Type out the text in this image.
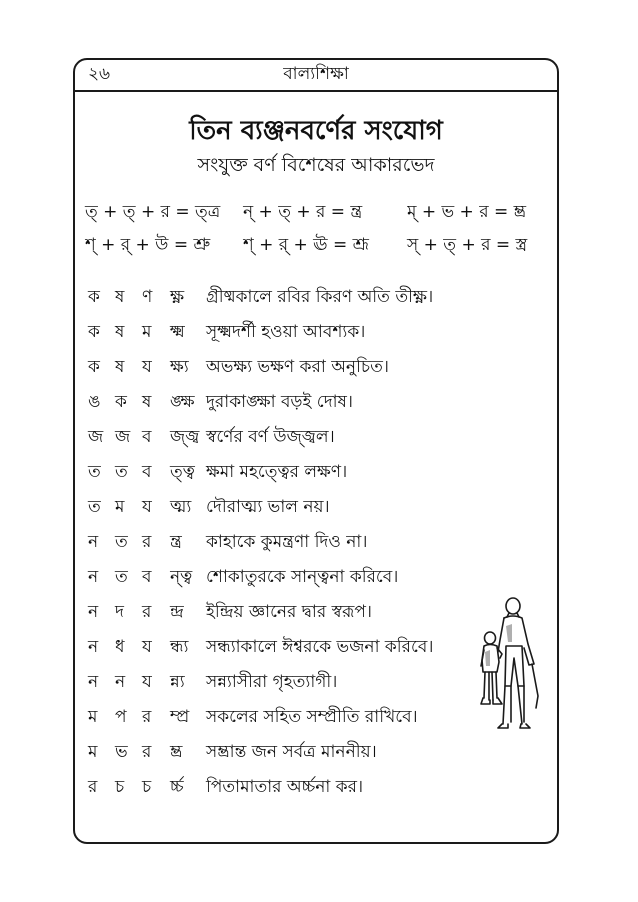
২৬	বাল্যশিক্ষা
তিন ব্যঞ্জনবর্ণের সংযোগ
সংযুক্ত বর্ণ বিশেষের আকারভেদ
ত্‌ + ত্‌ + র = ত্ত্র ন্‌ + ত্‌ + র = ন্ত্র	ম্‌ + ভ + র = ম্ভ্র
শ্‌ + র্‌ + উ = শ্রু শ্‌ + র্‌ + ঊ = শ্রূ স্‌ + ত্‌ + র = স্ত্র
ক ষ ণ ক্ষ্ণ গ্রীষ্মকালে রবির কিরণ অতি তীক্ষ্ণ।
ক ষ ম ক্ষ্ম সূক্ষ্মদর্শী হওয়া আবশ্যক।
ক ষ য ক্ষ্য অভক্ষ্য ভক্ষণ করা অনুচিত।
ঙ ক ষ ঙ্ক্ষ দুরাকাঙ্ক্ষা বড়ই দোষ।
জ জ ব জ্জ্ব স্বর্ণের বর্ণ উজ্জ্বল।
ত ত ব ত্ত্ব ক্ষমা মহত্ত্বের লক্ষণ।
ত ম য ত্ম্য দৌরাত্ম্য ভাল নয়।
ন ত র ন্ত্র কাহাকে কুমন্ত্রণা দিও না।
ন ত ব ন্ত্ব শোকাতুরকে সান্ত্বনা করিবে।
ন দ র ন্দ্র ইন্দ্রিয় জ্ঞানের দ্বার স্বরূপ।
ন ধ য ন্ধ্য সন্ধ্যাকালে ঈশ্বরকে ভজনা করিবে।
ন ন য ন্ন্য সন্ন্যাসীরা গৃহত্যাগী।
ম প র ম্প্র সকলের সহিত সম্প্রীতি রাখিবে।
ম ভ র ম্ভ্র সম্ভ্রান্ত জন সর্বত্র মাননীয়।
র চ চ র্চ্চ পিতামাতার অর্চ্চনা কর।
